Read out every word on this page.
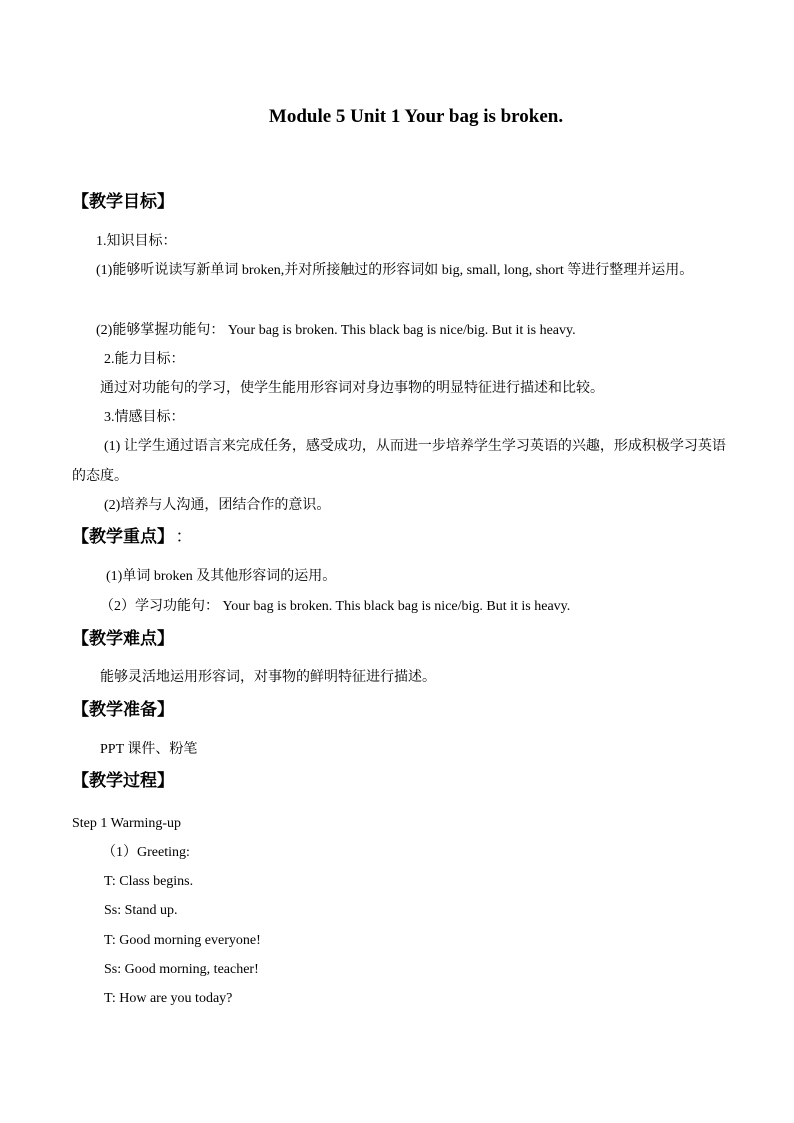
Module 5 Unit 1 Your bag is broken.
【教学目标】
1.知识目标：
(1)能够听说读写新单词 broken,并对所接触过的形容词如 big, small, long, short 等进行整理并运用。
(2)能够掌握功能句： Your bag is broken. This black bag is nice/big. But it is heavy.
2.能力目标：
通过对功能句的学习，使学生能用形容词对身边事物的明显特征进行描述和比较。
3.情感目标：
(1) 让学生通过语言来完成任务，感受成功，从而进一步培养学生学习英语的兴趣，形成积极学习英语的态度。
(2)培养与人沟通，团结合作的意识。
【教学重点】 ：
(1)单词 broken 及其他形容词的运用。
（2）学习功能句： Your bag is broken. This black bag is nice/big. But it is heavy.
【教学难点】
能够灵活地运用形容词，对事物的鲜明特征进行描述。
【教学准备】
PPT 课件、粉笔
【教学过程】
Step 1 Warming-up
（1）Greeting:
T: Class begins.
Ss: Stand up.
T: Good morning everyone!
Ss: Good morning, teacher!
T: How are you today?
